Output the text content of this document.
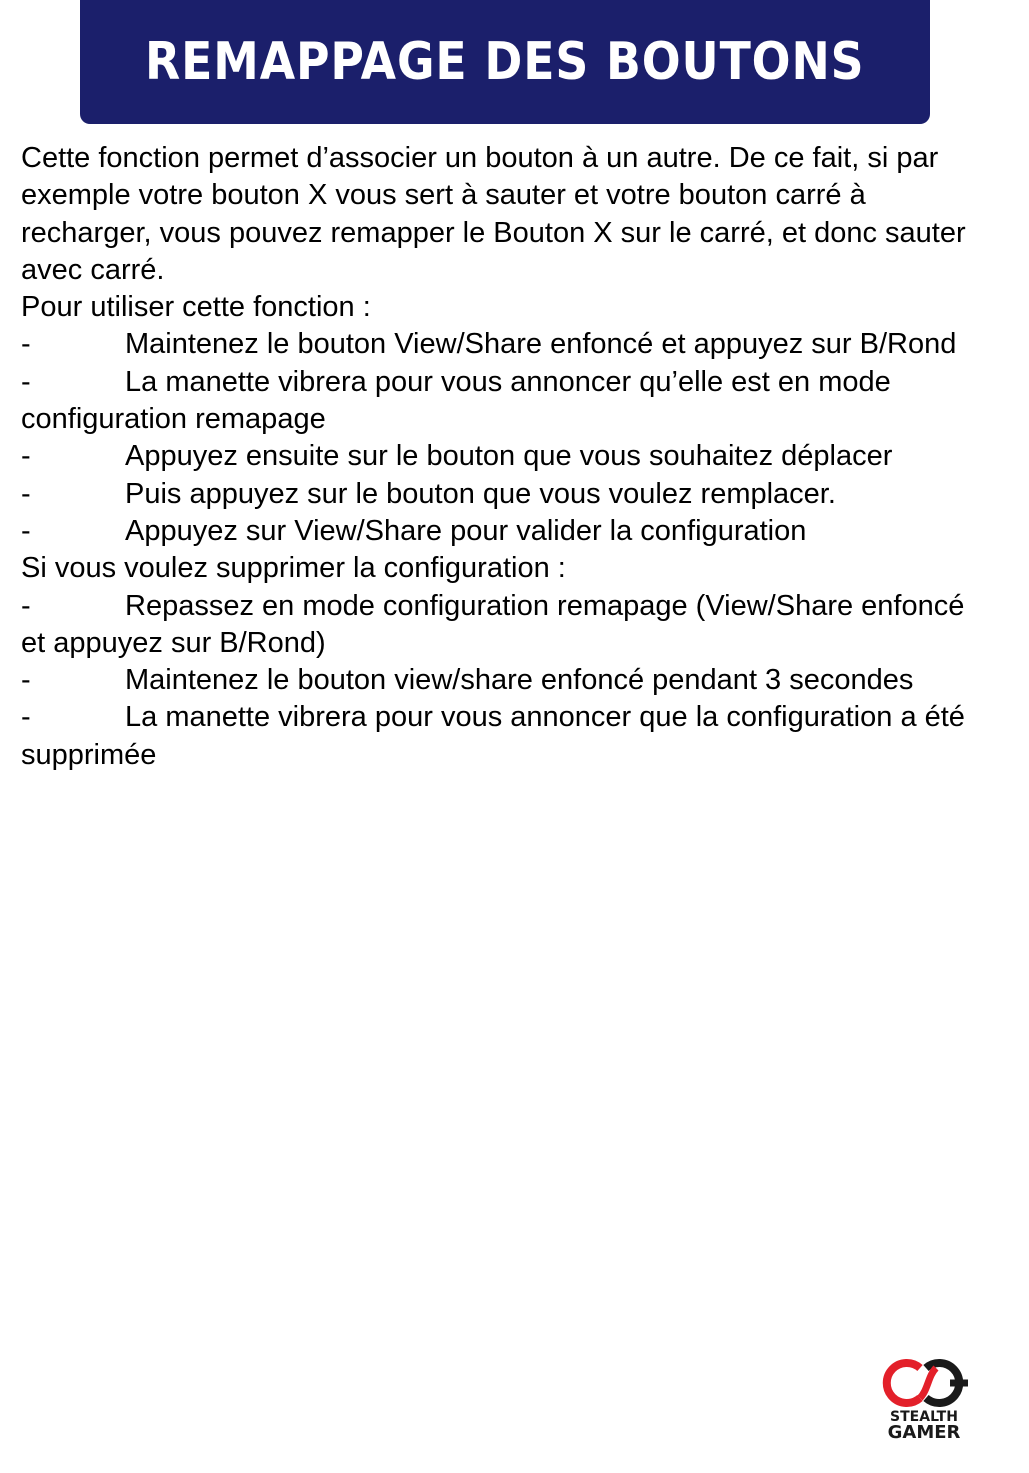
REMAPPAGE DES BOUTONS

Cette fonction permet d’associer un bouton à un autre. De ce fait, si par exemple votre bouton X vous sert à sauter et votre bouton carré à recharger, vous pouvez remapper le Bouton X sur le carré, et donc sauter avec carré.

Pour utiliser cette fonction :

-	Maintenez le bouton View/Share enfoncé et appuyez sur B/Rond

-	La manette vibrera pour vous annoncer qu’elle est en mode configuration remapage

-	Appuyez ensuite sur le bouton que vous souhaitez déplacer

-	Puis appuyez sur le bouton que vous voulez remplacer.

-	Appuyez sur View/Share pour valider la configuration

Si vous voulez supprimer la configuration :

-	Repassez en mode configuration remapage (View/Share enfoncé et appuyez sur B/Rond)

-	Maintenez le bouton view/share enfoncé pendant 3 secondes

-	La manette vibrera pour vous annoncer que la configuration a été supprimée

STEALTH
GAMER
